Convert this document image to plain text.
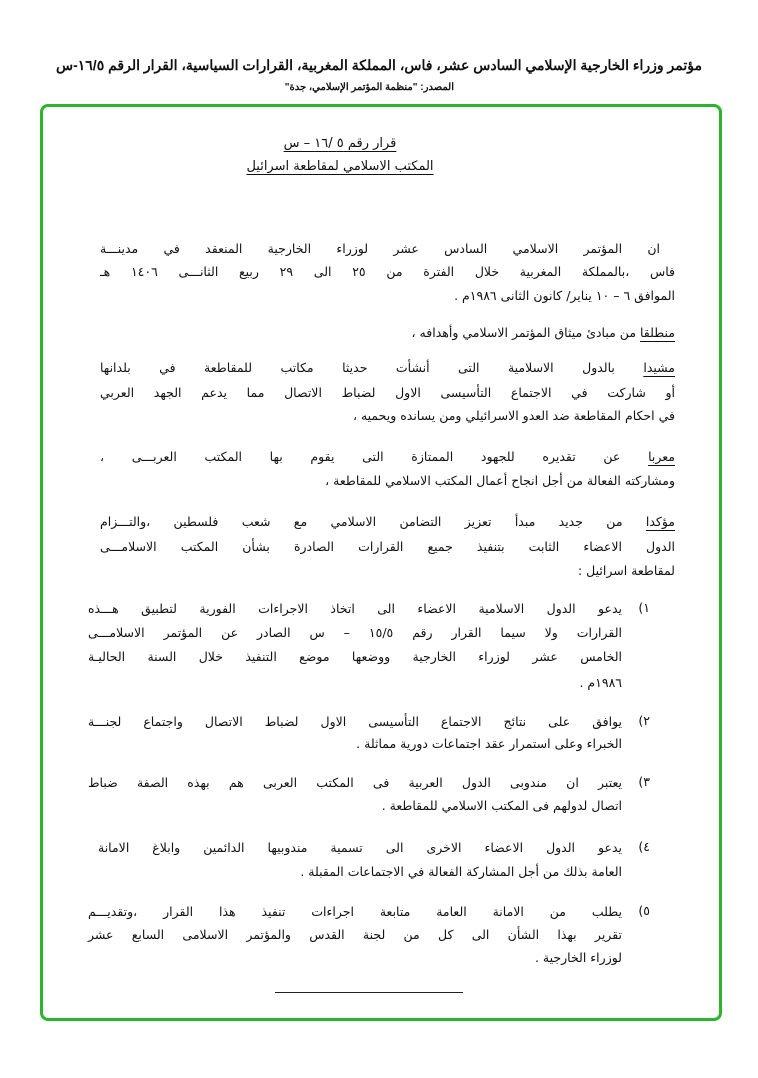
مؤتمر وزراء الخارجية الإسلامي السادس عشر، فاس، المملكة المغربية، القرارات السياسية، القرار الرقم ١٦/٥-س
المصدر: "منظمة المؤتمر الإسلامي، جدة"
قرار رقم ٥ /١٦ – س
المكتب الاسلامي لمقاطعة اسرائيل
ان المؤتمر الاسلامي السادس عشر لوزراء الخارجية المنعقد في مدينـــة
فاس ،بالمملكة المغربية خلال الفترة من ٢٥ الى ٢٩ ربيع الثانـــى ١٤٠٦ هـ
الموافق ٦ – ١٠ يناير/ كانون الثانى ١٩٨٦م .
منطلقا من مبادئ ميثاق المؤتمر الاسلامي وأهدافه ،
مشيدا بالدول الاسلامية التى أنشأت حديثا مكاتب للمقاطعة في بلدانها
أو شاركت في الاجتماع التأسيسى الاول لضباط الاتصال مما يدعم الجهد العربي
في احكام المقاطعة ضد العدو الاسرائيلي ومن يسانده ويحميه ،
معربا عن تقديره للجهود الممتازة التى يقوم بها المكتب العربـــى ،
ومشاركته الفعالة من أجل انجاح أعمال المكتب الاسلامي للمقاطعة ،
مؤكدا من جديد مبدأ تعزيز التضامن الاسلامي مع شعب فلسطين ،والتـــزام
الدول الاعضاء الثابت بتنفيذ جميع القرارات الصادرة بشأن المكتب الاسلامـــى
لمقاطعة اسرائيل :
١)
يدعو الدول الاسلامية الاعضاء الى اتخاذ الاجراءات الفورية لتطبيق هـــذه
القرارات ولا سيما القرار رقم ١٥/٥ – س الصادر عن المؤتمر الاسلامـــى
الخامس عشر لوزراء الخارجية ووضعها موضع التنفيذ خلال السنة الحاليـة
١٩٨٦م .
٢)
يوافق على نتائج الاجتماع التأسيسى الاول لضباط الاتصال واجتماع لجنـــة
الخبراء وعلى استمرار عقد اجتماعات دورية مماثلة .
٣)
يعتبر ان مندوبى الدول العربية فى المكتب العربى هم بهذه الصفة ضباط
اتصال لدولهم فى المكتب الاسلامي للمقاطعة .
٤)
يدعو الدول الاعضاء الاخرى الى تسمية مندوبيها الدائمين وابلاغ الامانة
العامة بذلك من أجل المشاركة الفعالة في الاجتماعات المقبلة .
٥)
يطلب من الامانة العامة متابعة اجراءات تنفيذ هذا القرار ،وتقديـــم
تقرير بهذا الشأن الى كل من لجنة القدس والمؤتمر الاسلامى السابع عشر
لوزراء الخارجية .
